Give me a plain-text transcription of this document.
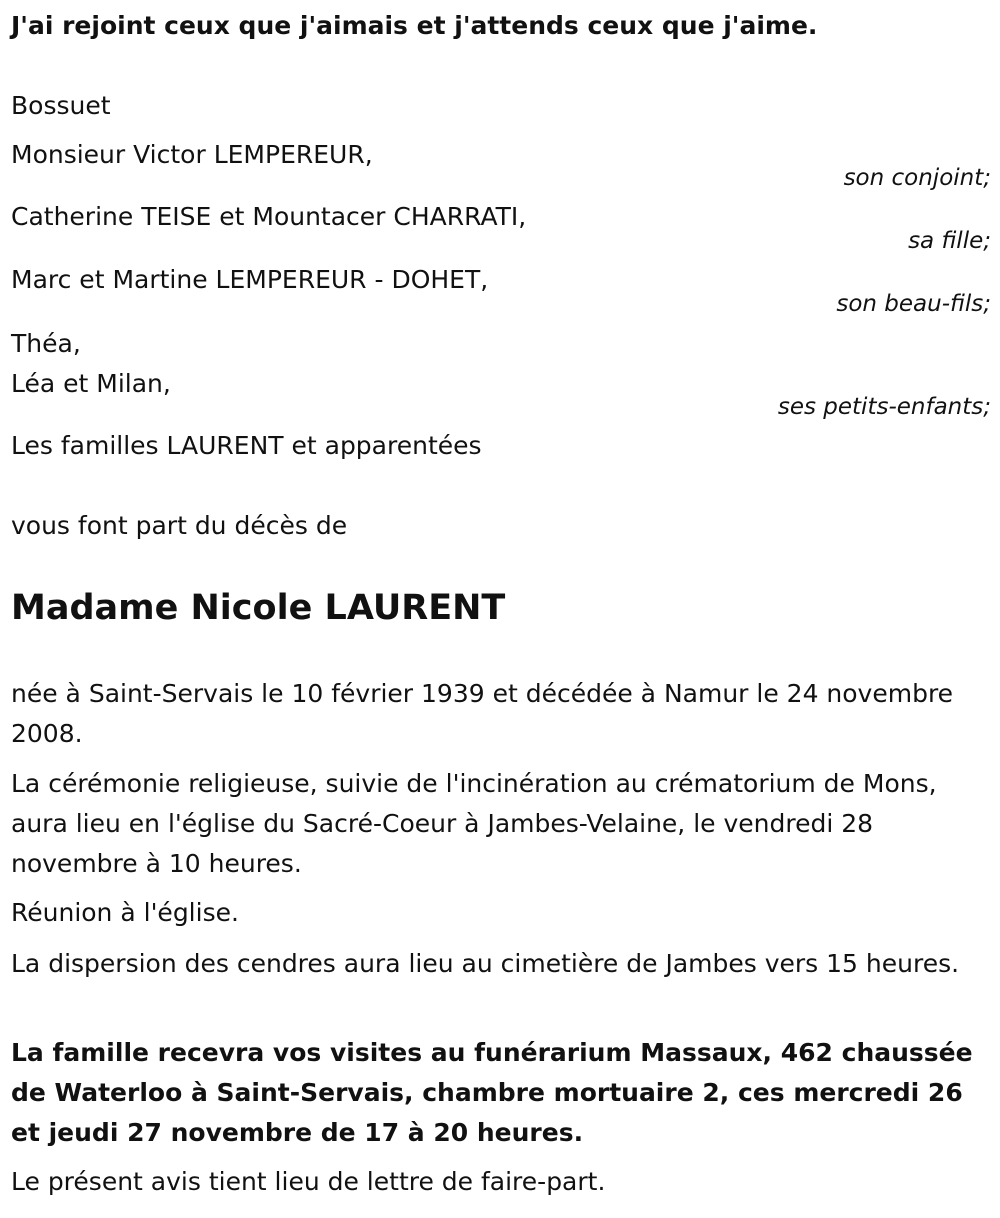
J'ai rejoint ceux que j'aimais et j'attends ceux que j'aime.
Bossuet
Monsieur Victor LEMPEREUR,
son conjoint;
Catherine TEISE et Mountacer CHARRATI,
sa fille;
Marc et Martine LEMPEREUR - DOHET,
son beau-fils;
Théa,
Léa et Milan,
ses petits-enfants;
Les familles LAURENT et apparentées
vous font part du décès de
Madame Nicole LAURENT
née à Saint-Servais le 10 février 1939 et décédée à Namur le 24 novembre 2008.
La cérémonie religieuse, suivie de l'incinération au crématorium de Mons, aura lieu en l'église du Sacré-Coeur à Jambes-Velaine, le vendredi 28 novembre à 10 heures.
Réunion à l'église.
La dispersion des cendres aura lieu au cimetière de Jambes vers 15 heures.
La famille recevra vos visites au funérarium Massaux, 462 chaussée de Waterloo à Saint-Servais, chambre mortuaire 2, ces mercredi 26 et jeudi 27 novembre de 17 à 20 heures.
Le présent avis tient lieu de lettre de faire-part.
